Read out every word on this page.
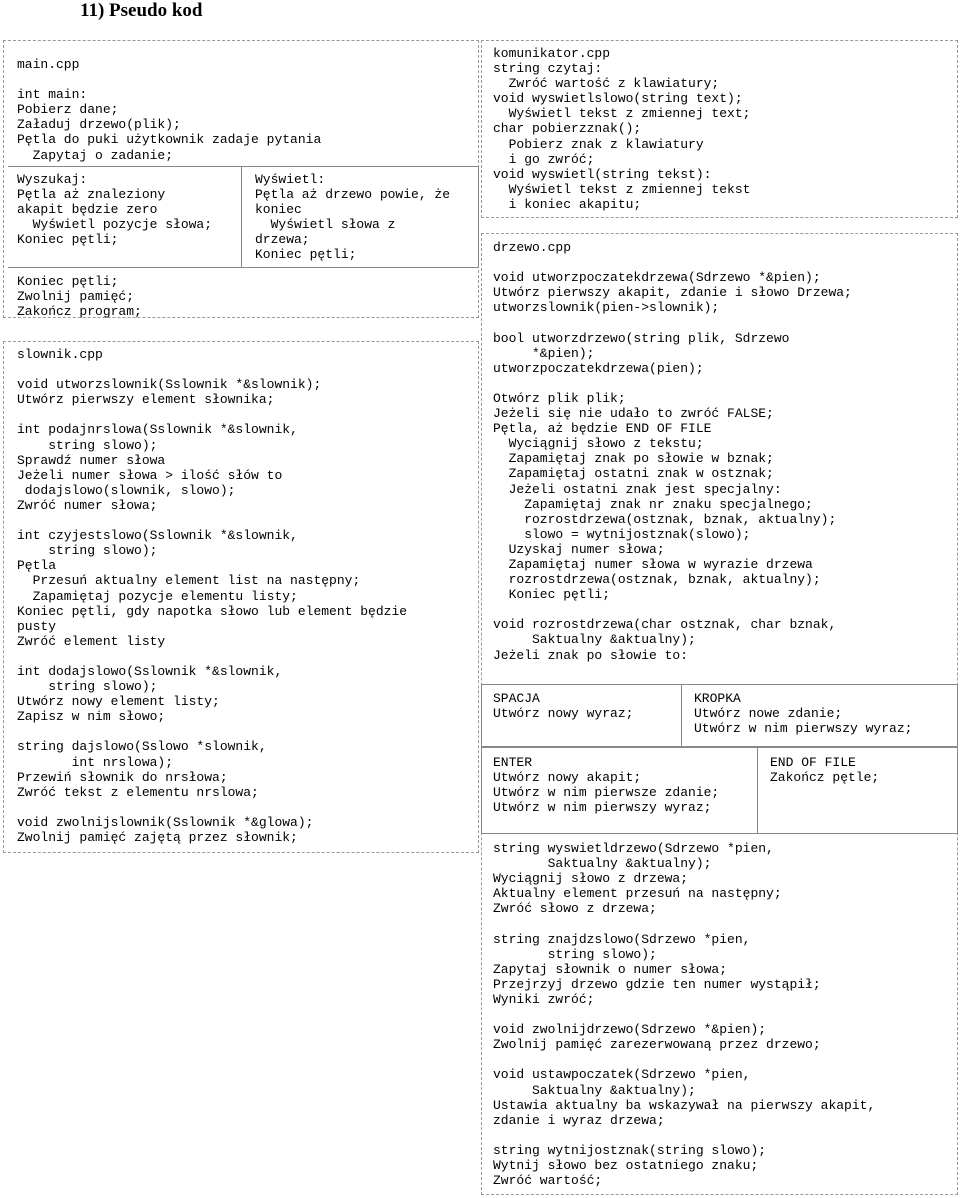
11) Pseudo kod
main.cpp

int main:
Pobierz dane;
Załaduj drzewo(plik);
Pętla do puki użytkownik zadaje pytania
Zapytaj o zadanie;
Wyszukaj:
Pętla aż znaleziony
akapit będzie zero
Wyświetl pozycje słowa;
Koniec pętli;
Wyświetl:
Pętla aż drzewo powie, że
koniec
Wyświetl słowa z
drzewa;
Koniec pętli;
Koniec pętli;
Zwolnij pamięć;
Zakończ program;
slownik.cpp

void utworzslownik(Sslownik *&slownik);
Utwórz pierwszy element słownika;

int podajnrslowa(Sslownik *&slownik,
string slowo);
Sprawdź numer słowa
Jeżeli numer słowa > ilość słów to
dodajslowo(slownik, slowo);
Zwróć numer słowa;

int czyjestslowo(Sslownik *&slownik,
string slowo);
Pętla
Przesuń aktualny element list na następny;
Zapamiętaj pozycje elementu listy;
Koniec pętli, gdy napotka słowo lub element będzie
pusty
Zwróć element listy

int dodajslowo(Sslownik *&slownik,
string slowo);
Utwórz nowy element listy;
Zapisz w nim słowo;

string dajslowo(Sslowo *slownik,
int nrslowa);
Przewiń słownik do nrsłowa;
Zwróć tekst z elementu nrslowa;

void zwolnijslownik(Sslownik *&glowa);
Zwolnij pamięć zajętą przez słownik;
komunikator.cpp
string czytaj:
Zwróć wartość z klawiatury;
void wyswietlslowo(string text);
Wyświetl tekst z zmiennej text;
char pobierzznak();
Pobierz znak z klawiatury
i go zwróć;
void wyswietl(string tekst):
Wyświetl tekst z zmiennej tekst
i koniec akapitu;
drzewo.cpp

void utworzpoczatekdrzewa(Sdrzewo *&pien);
Utwórz pierwszy akapit, zdanie i słowo Drzewa;
utworzslownik(pien->slownik);

bool utworzdrzewo(string plik, Sdrzewo
*&pien);
utworzpoczatekdrzewa(pien);

Otwórz plik plik;
Jeżeli się nie udało to zwróć FALSE;
Pętla, aż będzie END OF FILE
Wyciągnij słowo z tekstu;
Zapamiętaj znak po słowie w bznak;
Zapamiętaj ostatni znak w ostznak;
Jeżeli ostatni znak jest specjalny:
Zapamiętaj znak nr znaku specjalnego;
rozrostdrzewa(ostznak, bznak, aktualny);
slowo = wytnijostznak(slowo);
Uzyskaj numer słowa;
Zapamiętaj numer słowa w wyrazie drzewa
rozrostdrzewa(ostznak, bznak, aktualny);
Koniec pętli;

void rozrostdrzewa(char ostznak, char bznak,
Saktualny &aktualny);
Jeżeli znak po słowie to:
SPACJA
Utwórz nowy wyraz;
KROPKA
Utwórz nowe zdanie;
Utwórz w nim pierwszy wyraz;
ENTER
Utwórz nowy akapit;
Utwórz w nim pierwsze zdanie;
Utwórz w nim pierwszy wyraz;
END OF FILE
Zakończ pętle;
string wyswietldrzewo(Sdrzewo *pien,
Saktualny &aktualny);
Wyciągnij słowo z drzewa;
Aktualny element przesuń na następny;
Zwróć słowo z drzewa;

string znajdzslowo(Sdrzewo *pien,
string slowo);
Zapytaj słownik o numer słowa;
Przejrzyj drzewo gdzie ten numer wystąpił;
Wyniki zwróć;

void zwolnijdrzewo(Sdrzewo *&pien);
Zwolnij pamięć zarezerwowaną przez drzewo;

void ustawpoczatek(Sdrzewo *pien,
Saktualny &aktualny);
Ustawia aktualny ba wskazywał na pierwszy akapit,
zdanie i wyraz drzewa;

string wytnijostznak(string slowo);
Wytnij słowo bez ostatniego znaku;
Zwróć wartość;
